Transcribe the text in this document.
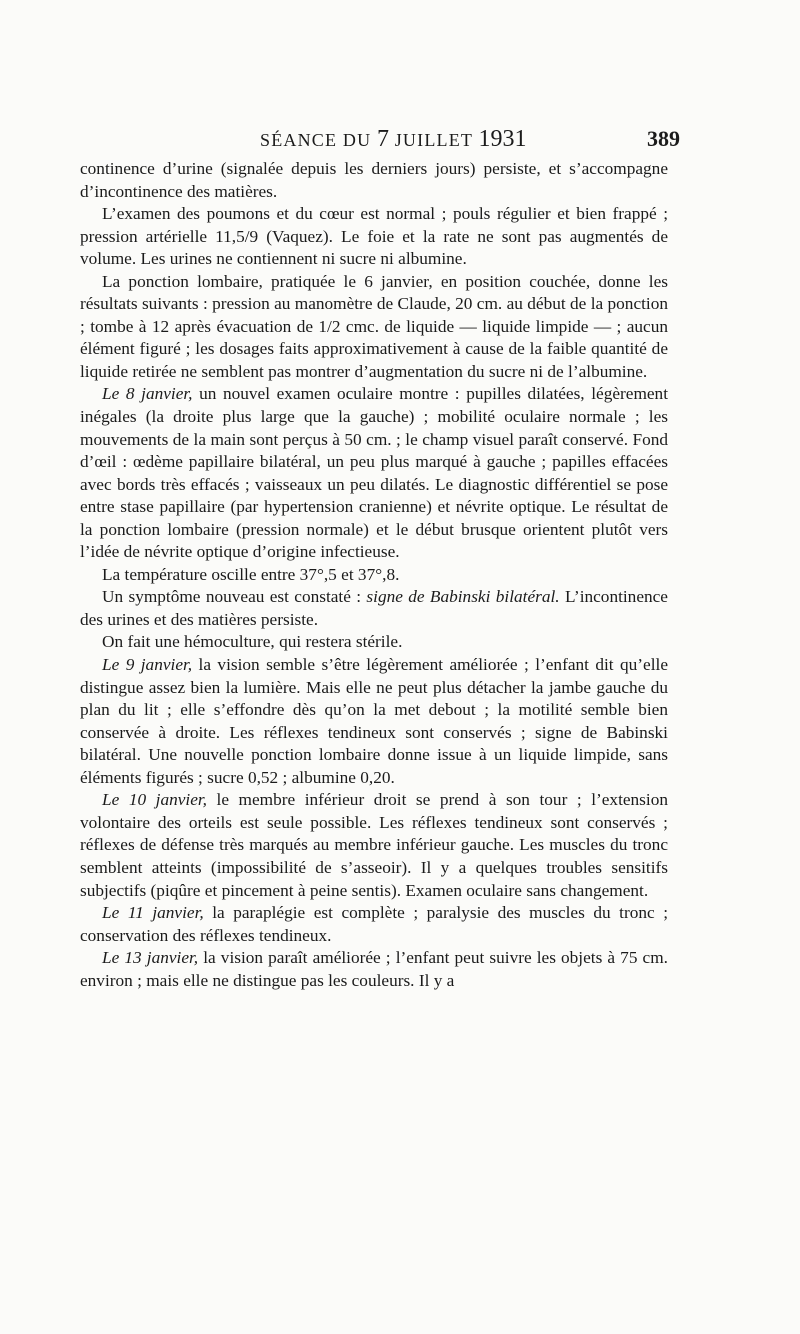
SÉANCE DU 7 JUILLET 1931	389

continence d’urine (signalée depuis les derniers jours) persiste, et s’accompagne d’incontinence des matières.

L’examen des poumons et du cœur est normal ; pouls régulier et bien frappé ; pression artérielle 11,5/9 (Vaquez). Le foie et la rate ne sont pas augmentés de volume. Les urines ne contiennent ni sucre ni albumine.

La ponction lombaire, pratiquée le 6 janvier, en position couchée, donne les résultats suivants : pression au manomètre de Claude, 20 cm. au début de la ponction ; tombe à 12 après évacuation de 1/2 cmc. de liquide — liquide limpide — ; aucun élément figuré ; les dosages faits approximativement à cause de la faible quantité de liquide retirée ne semblent pas montrer d’augmentation du sucre ni de l’albumine.

Le 8 janvier, un nouvel examen oculaire montre : pupilles dilatées, légèrement inégales (la droite plus large que la gauche) ; mobilité oculaire normale ; les mouvements de la main sont perçus à 50 cm. ; le champ visuel paraît conservé. Fond d’œil : œdème papillaire bilatéral, un peu plus marqué à gauche ; papilles effacées avec bords très effacés ; vaisseaux un peu dilatés. Le diagnostic différentiel se pose entre stase papillaire (par hypertension cranienne) et névrite optique. Le résultat de la ponction lombaire (pression normale) et le début brusque orientent plutôt vers l’idée de névrite optique d’origine infectieuse.

La température oscille entre 37°,5 et 37°,8.

Un symptôme nouveau est constaté : signe de Babinski bilatéral. L’incontinence des urines et des matières persiste.

On fait une hémoculture, qui restera stérile.

Le 9 janvier, la vision semble s’être légèrement améliorée ; l’enfant dit qu’elle distingue assez bien la lumière. Mais elle ne peut plus détacher la jambe gauche du plan du lit ; elle s’effondre dès qu’on la met debout ; la motilité semble bien conservée à droite. Les réflexes tendineux sont conservés ; signe de Babinski bilatéral. Une nouvelle ponction lombaire donne issue à un liquide limpide, sans éléments figurés ; sucre 0,52 ; albumine 0,20.

Le 10 janvier, le membre inférieur droit se prend à son tour ; l’extension volontaire des orteils est seule possible. Les réflexes tendineux sont conservés ; réflexes de défense très marqués au membre inférieur gauche. Les muscles du tronc semblent atteints (impossibilité de s’asseoir). Il y a quelques troubles sensitifs subjectifs (piqûre et pincement à peine sentis). Examen oculaire sans changement.

Le 11 janvier, la paraplégie est complète ; paralysie des muscles du tronc ; conservation des réflexes tendineux.

Le 13 janvier, la vision paraît améliorée ; l’enfant peut suivre les objets à 75 cm. environ ; mais elle ne distingue pas les couleurs. Il y a
